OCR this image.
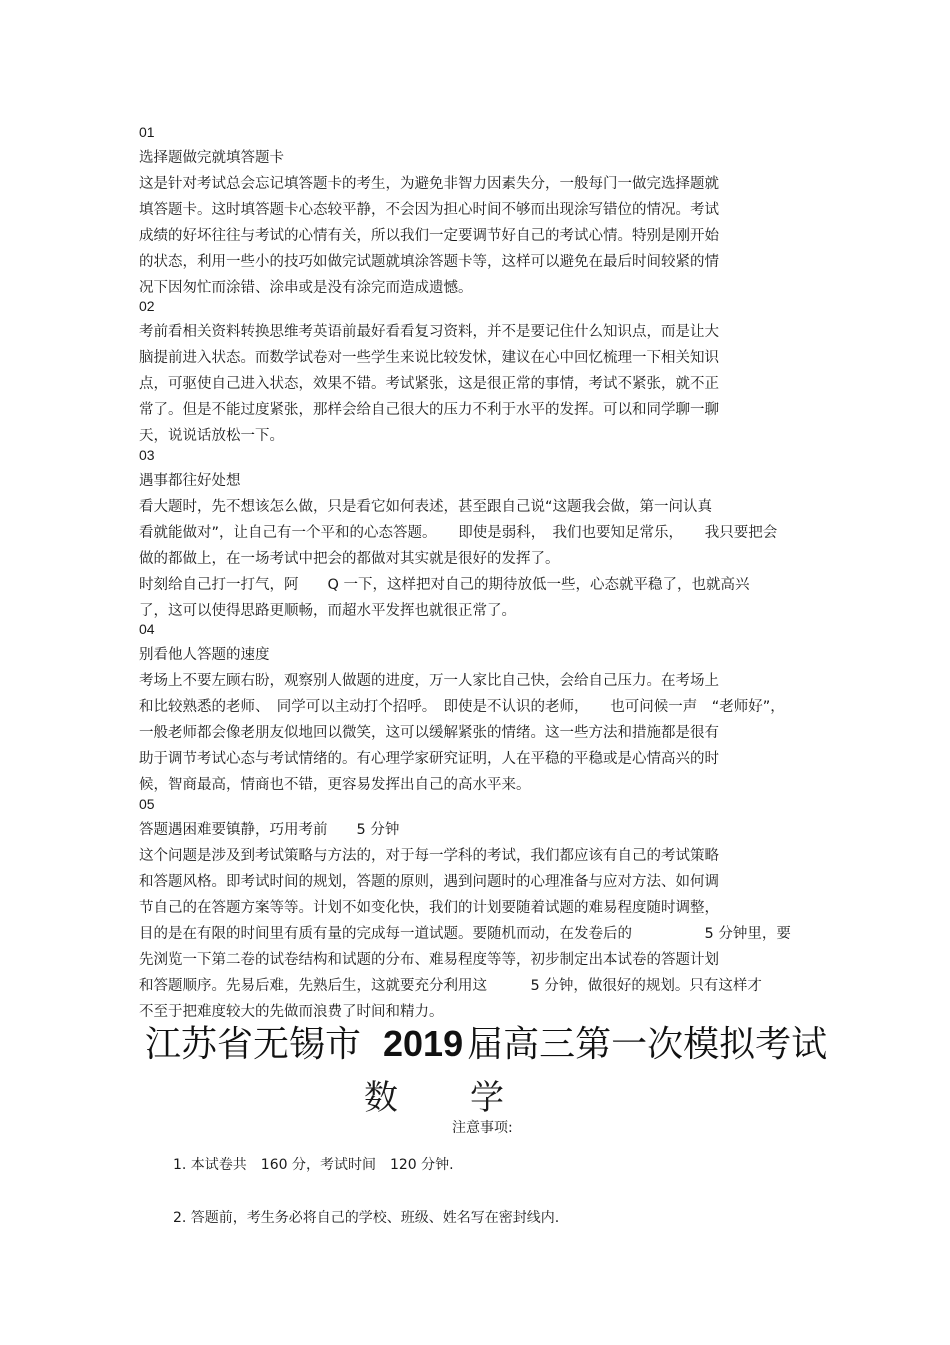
01
选择题做完就填答题卡
这是针对考试总会忘记填答题卡的考生，为避免非智力因素失分，一般每门一做完选择题就
填答题卡。这时填答题卡心态较平静，不会因为担心时间不够而出现涂写错位的情况。考试
成绩的好坏往往与考试的心情有关，所以我们一定要调节好自己的考试心情。特别是刚开始
的状态，利用一些小的技巧如做完试题就填涂答题卡等，这样可以避免在最后时间较紧的情
况下因匆忙而涂错、涂串或是没有涂完而造成遗憾。
02
考前看相关资料转换思维考英语前最好看看复习资料，并不是要记住什么知识点，而是让大
脑提前进入状态。而数学试卷对一些学生来说比较发怵，建议在心中回忆梳理一下相关知识
点，可驱使自己进入状态，效果不错。考试紧张，这是很正常的事情，考试不紧张，就不正
常了。但是不能过度紧张，那样会给自己很大的压力不利于水平的发挥。可以和同学聊一聊
天，说说话放松一下。
03
遇事都往好处想
看大题时，先不想该怎么做，只是看它如何表述，甚至跟自己说“这题我会做，第一问认真
看就能做对”，让自己有一个平和的心态答题。　　即使是弱科，　我们也要知足常乐，　　我只要把会
做的都做上，在一场考试中把会的都做对其实就是很好的发挥了。
时刻给自己打一打气，阿　　Q 一下，这样把对自己的期待放低一些，心态就平稳了，也就高兴
了，这可以使得思路更顺畅，而超水平发挥也就很正常了。
04
别看他人答题的速度
考场上不要左顾右盼，观察别人做题的进度，万一人家比自己快，会给自己压力。在考场上
和比较熟悉的老师、　同学可以主动打个招呼。　即使是不认识的老师，　　也可问候一声　“老师好”，
一般老师都会像老朋友似地回以微笑，这可以缓解紧张的情绪。这一些方法和措施都是很有
助于调节考试心态与考试情绪的。有心理学家研究证明，人在平稳的平稳或是心情高兴的时
候，智商最高，情商也不错，更容易发挥出自己的高水平来。
05
答题遇困难要镇静，巧用考前　　5 分钟
这个问题是涉及到考试策略与方法的，对于每一学科的考试，我们都应该有自己的考试策略
和答题风格。即考试时间的规划，答题的原则，遇到问题时的心理准备与应对方法、如何调
节自己的在答题方案等等。计划不如变化快，我们的计划要随着试题的难易程度随时调整，
目的是在有限的时间里有质有量的完成每一道试题。要随机而动，在发卷后的　　　　　5 分钟里，要
先浏览一下第二卷的试卷结构和试题的分布、难易程度等等，初步制定出本试卷的答题计划
和答题顺序。先易后难，先熟后生，这就要充分利用这　　　5 分钟，做很好的规划。只有这样才
不至于把难度较大的先做而浪费了时间和精力。
江苏省无锡市 2019 届高三第一次模拟考试
数 学
注意事项:
1. 本试卷共　160 分，考试时间　120 分钟.
2. 答题前，考生务必将自己的学校、班级、姓名写在密封线内.
